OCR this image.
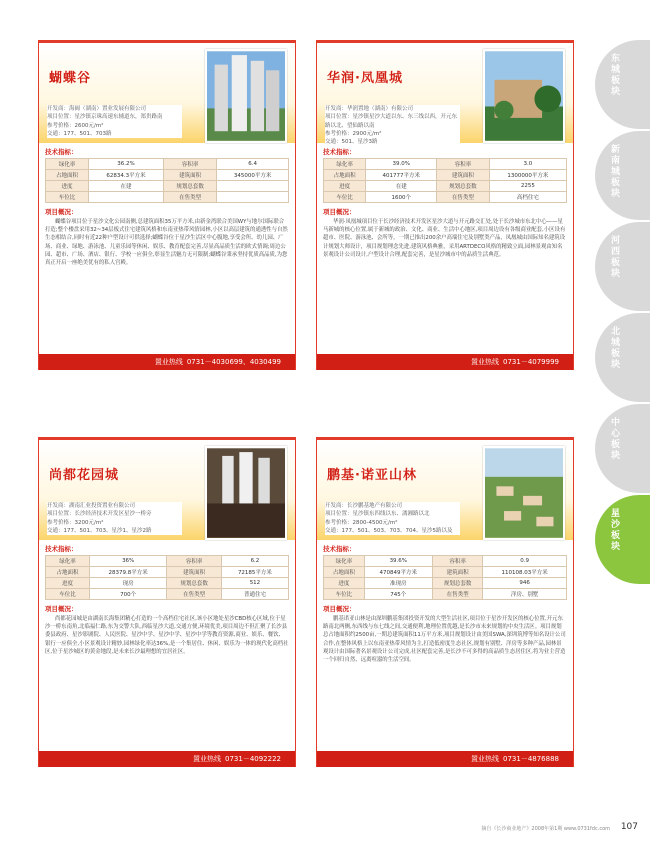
蝴蝶谷
开发商：海阔（湖南）置业发展有限公司
项目位置：星沙镇京珠高速东辅道东，郑贵路南
参考价格：2600元/m²
交通：177、501、703路
技术指标：
绿化率	36.2%	容积率	6.4
占地面积	62834.3平方米	建筑面积	345000平方米
进度	在建	规划总套数	
车位比		在售类型	
项目概况：
蝴蝶谷项目位于星沙文化公园南侧,总建筑面积35万平方米,由新金湾联合美国WY与地尔国际联合打造;整个楼盘采用32~34层板式住宅建筑风格和东南亚热带风情园林,小区以高层建筑的通透性与自然生态相结合,同时有近22种户型设计可供选择;蝴蝶谷位于星沙生活区中心腹地,享受会所、幼儿园、广场、商业、绿地、游泳池、儿童乐园等休闲、娱乐、教育配套完善,尽显高品质生活的欧式情调;周边公园、超市、广场、酒店、银行、学校一应俱全,彰显生活魅力无可限制;蝴蝶谷秉承坚持优质高品质,为您真正开启一座绝美优有的私人宫殿。
置业热线 0731－4030699、4030499
华润·凤凰城
开发商：华润置地（湖南）有限公司
项目位置：星沙镇星沙大道以东、东三线以西，开元东路以北、望仙路以南
参考价格：2900元/m²
交通：501、星沙3路
技术指标：
绿化率	39.0%	容积率	3.0
占地面积	401777平方米	建筑面积	1300000平方米
进度	在建	规划总套数	2255
车位比	1600个	在售类型	高档住宅
项目概况：
华润·凤凰城项目位于长沙经济技术开发区星沙大道与开元路交汇处,处于长沙城市东北中心——星马新城的核心位置,属于新城的政治、文化、商业、生活中心地区,项目周边设有各级商业配套,小区设有超市、医院、游泳池、会所等，一期已推出200余户高端住宅及别墅类产品，凤凰城由国际知名建筑设计规划大师设计，项目规划理念先进,建筑风格典雅，采用ARTDECO风格的精致立面,园林景观由知名景观设计公司设计,户型设计合理,配套完善，是星沙城市中的品质生活典范。
置业热线 0731－4079999
尚都花园城
开发商：湖南汇业投资置业有限公司
项目位置：长沙经济技术开发区星沙一桥旁
参考价格：3200元/m²
交通：177、501、703、星沙1、星沙2路
技术指标：
绿化率	36%	容积率	6.2
占地面积	28379.8平方米	建筑面积	72185平方米
进度	现房	规划总套数	512
车位比	700个	在售类型	普通住宅
项目概况：
尚都花园城是由湖南长海集团精心打造的一个高档住宅社区,该小区地处星沙CBD核心区域,位于星沙一桥东南角,北临福仁路,东为交警大队,西临星沙大道,交通方便,环境优美,项目周边不但汇聚了长沙县委县政府、星沙影剧院、人民医院、星沙中学、星沙中学、星沙中学等教育资源,商业、娱乐、餐饮、银行一应俱全,小区景观设计精妙,园林绿化率达36%,是一个集居住、休闲、娱乐为一体的现代化高档社区,位于星沙城区的黄金地段,是未来长沙最理想的宜居社区。
置业热线 0731－4092222
鹏基·诺亚山林
开发商：长沙鹏基地产有限公司
项目位置：星沙镇东四线以东、漓湘路以北
参考价格：2800-4500元/m²
交通：177、501、503、703、704、星沙5路以及
技术指标：
绿化率	39.6%	容积率	0.9
占地面积	470849平方米	建筑面积	110108.03平方米
进度	准现房	规划总套数	946
车位比	745个	在售类型	洋房、别墅
项目概况：
鹏基诺亚山林是由深圳鹏基集团投资开发的大型生活社区,项目位于星沙开发区的核心位置,开元东路南北两侧,东西线与东七线之间,交通便利,地理位置优越,是长沙市未来规划的中央生活区。项目规划总占地面积约2500亩,一期总建筑面积11万平方米,项目规划设计由美国SWA,深圳筑博等知名设计公司合作,在整体风格上以东南亚热带风情为主,打造低密度生态社区,规划有别墅、洋房等多种产品,园林景观设计由国际著名景观设计公司完成,社区配套完善,是长沙不可多得的高品质生态居住区,将为业主营造一个回归自然、远离喧嚣的生活空间。
置业热线 0731－4876888
东城板块
新南城板块
河西板块
北城板块
中心板块
星沙板块
摘自《长沙商业地产》2008年第1期 www.0731fdc.com 107
